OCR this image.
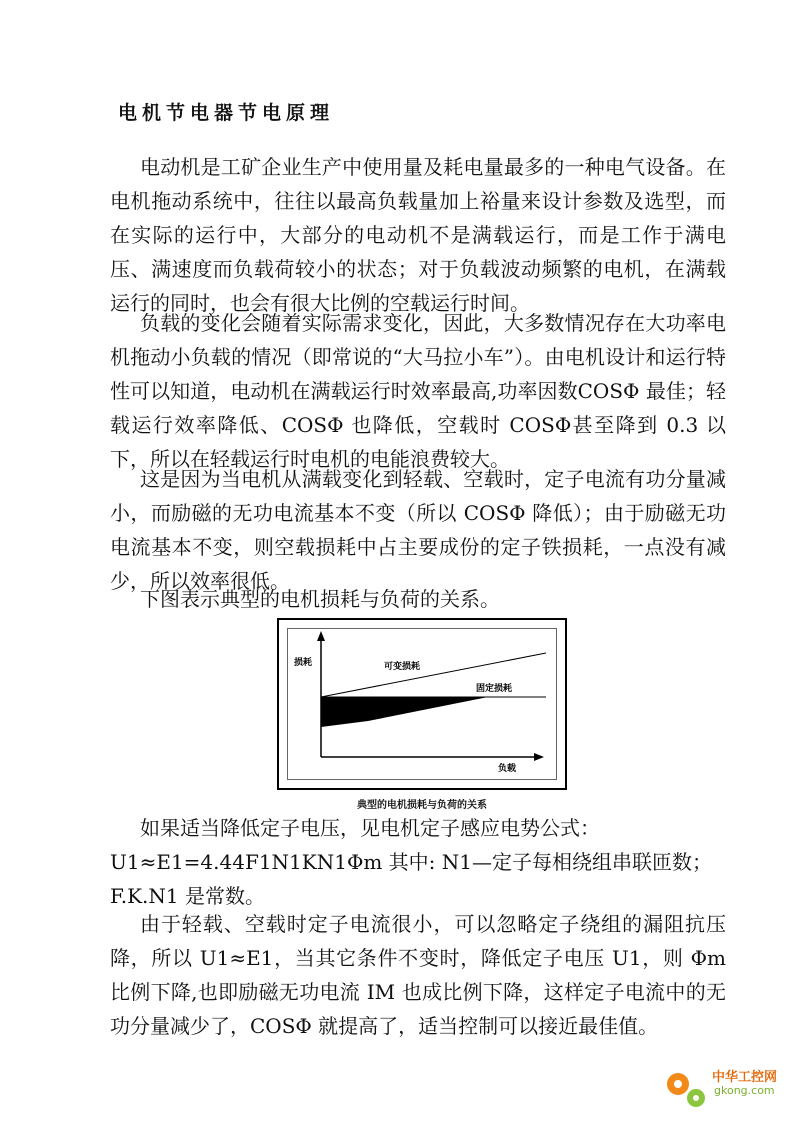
电机节电器节电原理

电动机是工矿企业生产中使用量及耗电量最多的一种电气设备。在电机拖动系统中，往往以最高负载量加上裕量来设计参数及选型，而在实际的运行中，大部分的电动机不是满载运行，而是工作于满电压、满速度而负载荷较小的状态；对于负载波动频繁的电机，在满载运行的同时，也会有很大比例的空载运行时间。

负载的变化会随着实际需求变化，因此，大多数情况存在大功率电机拖动小负载的情况（即常说的“大马拉小车”）。由电机设计和运行特性可以知道，电动机在满载运行时效率最高,功率因数COSΦ 最佳；轻载运行效率降低、COSΦ 也降低，空载时 COSΦ甚至降到 0.3 以下，所以在轻载运行时电机的电能浪费较大。

这是因为当电机从满载变化到轻载、空载时，定子电流有功分量减小，而励磁的无功电流基本不变（所以 COSΦ 降低）；由于励磁无功电流基本不变，则空载损耗中占主要成份的定子铁损耗，一点没有减少，所以效率很低。

下图表示典型的电机损耗与负荷的关系。

损耗	可变损耗
固定损耗
负载
典型的电机损耗与负荷的关系

如果适当降低定子电压，见电机定子感应电势公式：

U1≈E1=4.44F1N1KN1Φm 其中: N1—定子每相绕组串联匝数；
F.K.N1 是常数。

由于轻载、空载时定子电流很小，可以忽略定子绕组的漏阻抗压降，所以 U1≈E1，当其它条件不变时，降低定子电压 U1，则 Φm 比例下降,也即励磁无功电流 IM 也成比例下降，这样定子电流中的无功分量减少了，COSΦ 就提高了，适当控制可以接近最佳值。

中华工控网
gkong.com
